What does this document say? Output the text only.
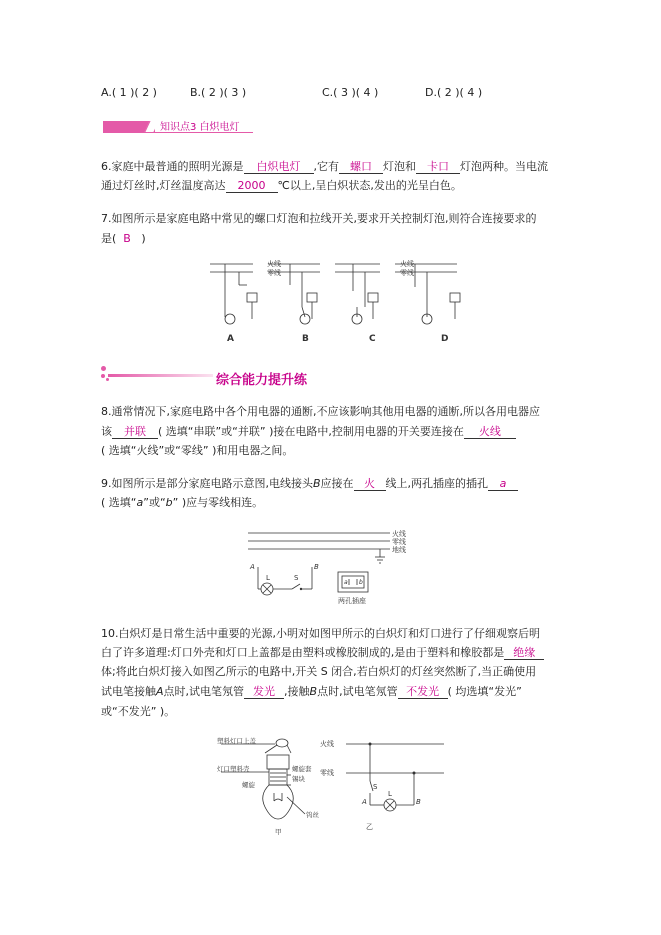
A.( 1 )( 2 )	B.( 2 )( 3 )	C.( 3 )( 4 )	D.( 2 )( 4 )
知识点3 白炽电灯
6.家庭中最普通的照明光源是 白炽电灯 ,它有 螺口 灯泡和 卡口 灯泡两种。当电流
通过灯丝时,灯丝温度高达 2000 ℃以上,呈白炽状态,发出的光呈白色。
7.如图所示是家庭电路中常见的螺口灯泡和拉线开关,要求开关控制灯泡,则符合连接要求的
是( B )
火线
零线
火线
零线
A	B	C	D
综合能力提升练
8.通常情况下,家庭电路中各个用电器的通断,不应该影响其他用电器的通断,所以各用电器应
该 并联 ( 选填“串联”或“并联” )接在电路中,控制用电器的开关要连接在 火线
( 选填“火线”或“零线” )和用电器之间。
9.如图所示是部分家庭电路示意图,电线接头B应接在 火 线上,两孔插座的插孔 a
( 选填“a”或“b” )应与零线相连。
火线
零线
地线
A	B
L	S
a b
两孔插座
10.白炽灯是日常生活中重要的光源,小明对如图甲所示的白炽灯和灯口进行了仔细观察后明
白了许多道理:灯口外壳和灯口上盖都是由塑料或橡胶制成的,是由于塑料和橡胶都是 绝缘
体;将此白炽灯接入如图乙所示的电路中,开关 S 闭合,若白炽灯的灯丝突然断了,当正确使用
试电笔接触A点时,试电笔氖管 发光 ,接触B点时,试电笔氖管 不发光 ( 均选填“发光”
或“不发光” )。
塑料灯口上盖
灯口塑料壳	螺旋套
螺旋
锡块
钨丝
甲
火线
零线
A	B
S
L
乙
